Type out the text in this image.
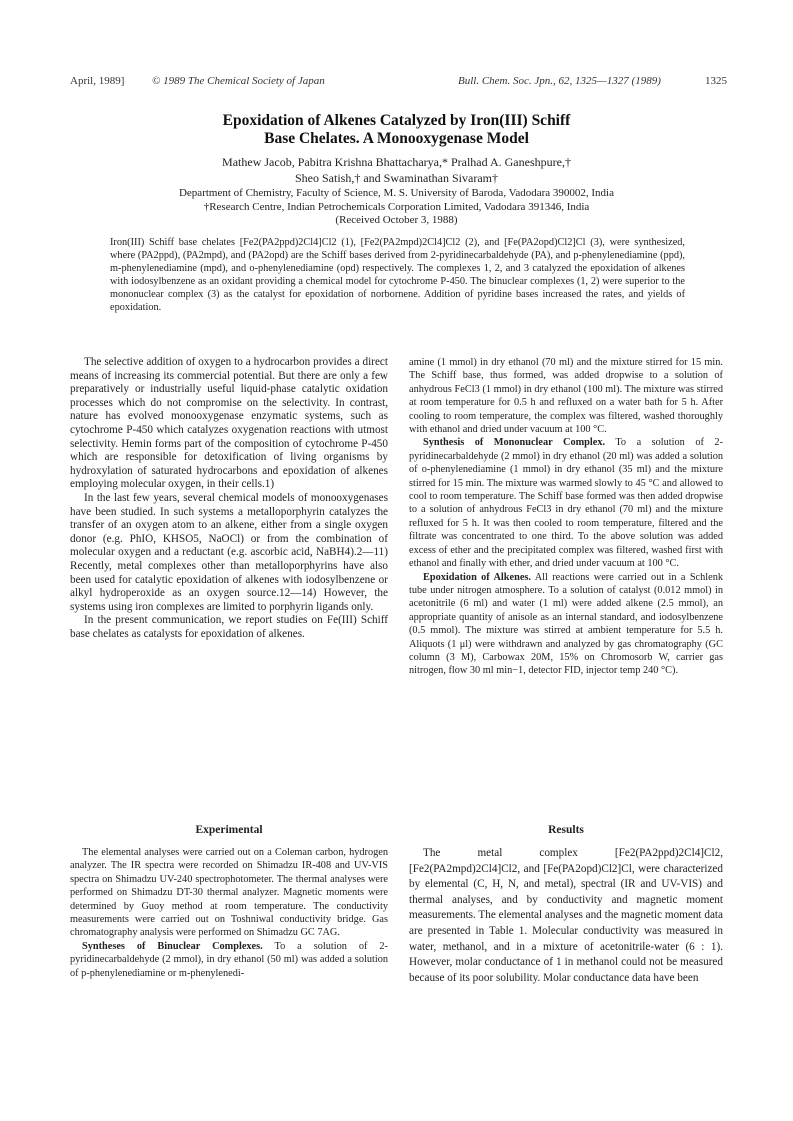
April, 1989]	© 1989 The Chemical Society of Japan	Bull. Chem. Soc. Jpn., 62, 1325—1327 (1989)	1325
Epoxidation of Alkenes Catalyzed by Iron(III) Schiff
Base Chelates. A Monooxygenase Model
Mathew Jacob, Pabitra Krishna Bhattacharya,* Pralhad A. Ganeshpure,†
Sheo Satish,† and Swaminathan Sivaram†
Department of Chemistry, Faculty of Science, M. S. University of Baroda, Vadodara 390002, India
†Research Centre, Indian Petrochemicals Corporation Limited, Vadodara 391346, India
(Received October 3, 1988)
Iron(III) Schiff base chelates [Fe2(PA2ppd)2Cl4]Cl2 (1), [Fe2(PA2mpd)2Cl4]Cl2 (2), and [Fe(PA2opd)Cl2]Cl (3), were synthesized, where (PA2ppd), (PA2mpd), and (PA2opd) are the Schiff bases derived from 2-pyridinecarbaldehyde (PA), and p-phenylenediamine (ppd), m-phenylenediamine (mpd), and o-phenylenediamine (opd) respectively. The complexes 1, 2, and 3 catalyzed the epoxidation of alkenes with iodosylbenzene as an oxidant providing a chemical model for cytochrome P-450. The binuclear complexes (1, 2) were superior to the mononuclear complex (3) as the catalyst for epoxidation of norbornene. Addition of pyridine bases increased the rates, and yields of epoxidation.

The selective addition of oxygen to a hydrocarbon provides a direct means of increasing its commercial potential. But there are only a few preparatively or industrially useful liquid-phase catalytic oxidation processes which do not compromise on the selectivity. In contrast, nature has evolved monooxygenase enzymatic systems, such as cytochrome P-450 which catalyzes oxygenation reactions with utmost selectivity. Hemin forms part of the composition of cytochrome P-450 which are responsible for detoxification of living organisms by hydroxylation of saturated hydrocarbons and epoxidation of alkenes employing molecular oxygen, in their cells.1)

In the last few years, several chemical models of monooxygenases have been studied. In such systems a metalloporphyrin catalyzes the transfer of an oxygen atom to an alkene, either from a single oxygen donor (e.g. PhIO, KHSO5, NaOCl) or from the combination of molecular oxygen and a reductant (e.g. ascorbic acid, NaBH4).2—11) Recently, metal complexes other than metalloporphyrins have also been used for catalytic epoxidation of alkenes with iodosylbenzene or alkyl hydroperoxide as an oxygen source.12—14) However, the systems using iron complexes are limited to porphyrin ligands only.

In the present communication, we report studies on Fe(III) Schiff base chelates as catalysts for epoxidation of alkenes.

amine (1 mmol) in dry ethanol (70 ml) and the mixture stirred for 15 min. The Schiff base, thus formed, was added dropwise to a solution of anhydrous FeCl3 (1 mmol) in dry ethanol (100 ml). The mixture was stirred at room temperature for 0.5 h and refluxed on a water bath for 5 h. After cooling to room temperature, the complex was filtered, washed thoroughly with ethanol and dried under vacuum at 100 °C.

Synthesis of Mononuclear Complex. To a solution of 2-pyridinecarbaldehyde (2 mmol) in dry ethanol (20 ml) was added a solution of o-phenylenediamine (1 mmol) in dry ethanol (35 ml) and the mixture stirred for 15 min. The mixture was warmed slowly to 45 °C and allowed to cool to room temperature. The Schiff base formed was then added dropwise to a solution of anhydrous FeCl3 in dry ethanol (70 ml) and the mixture refluxed for 5 h. It was then cooled to room temperature, filtered and the filtrate was concentrated to one third. To the above solution was added excess of ether and the precipitated complex was filtered, washed first with ethanol and finally with ether, and dried under vacuum at 100 °C.

Epoxidation of Alkenes. All reactions were carried out in a Schlenk tube under nitrogen atmosphere. To a solution of catalyst (0.012 mmol) in acetonitrile (6 ml) and water (1 ml) were added alkene (2.5 mmol), an appropriate quantity of anisole as an internal standard, and iodosylbenzene (0.5 mmol). The mixture was stirred at ambient temperature for 5.5 h. Aliquots (1 μl) were withdrawn and analyzed by gas chromatography (GC column (3 M), Carbowax 20M, 15% on Chromosorb W, carrier gas nitrogen, flow 30 ml min−1, detector FID, injector temp 240 °C).

Experimental	Results

The elemental analyses were carried out on a Coleman carbon, hydrogen analyzer. The IR spectra were recorded on Shimadzu IR-408 and UV-VIS spectra on Shimadzu UV-240 spectrophotometer. The thermal analyses were performed on Shimadzu DT-30 thermal analyzer. Magnetic moments were determined by Guoy method at room temperature. The conductivity measurements were carried out on Toshniwal conductivity bridge. Gas chromatography analysis were performed on Shimadzu GC 7AG.

Syntheses of Binuclear Complexes. To a solution of 2-pyridinecarbaldehyde (2 mmol), in dry ethanol (50 ml) was added a solution of p-phenylenediamine or m-phenylenedi-

The metal complex [Fe2(PA2ppd)2Cl4]Cl2, [Fe2(PA2mpd)2Cl4]Cl2, and [Fe(PA2opd)Cl2]Cl, were characterized by elemental (C, H, N, and metal), spectral (IR and UV-VIS) and thermal analyses, and by conductivity and magnetic moment measurements. The elemental analyses and the magnetic moment data are presented in Table 1. Molecular conductivity was measured in water, methanol, and in a mixture of acetonitrile-water (6 : 1). However, molar conductance of 1 in methanol could not be measured because of its poor solubility. Molar conductance data have been
